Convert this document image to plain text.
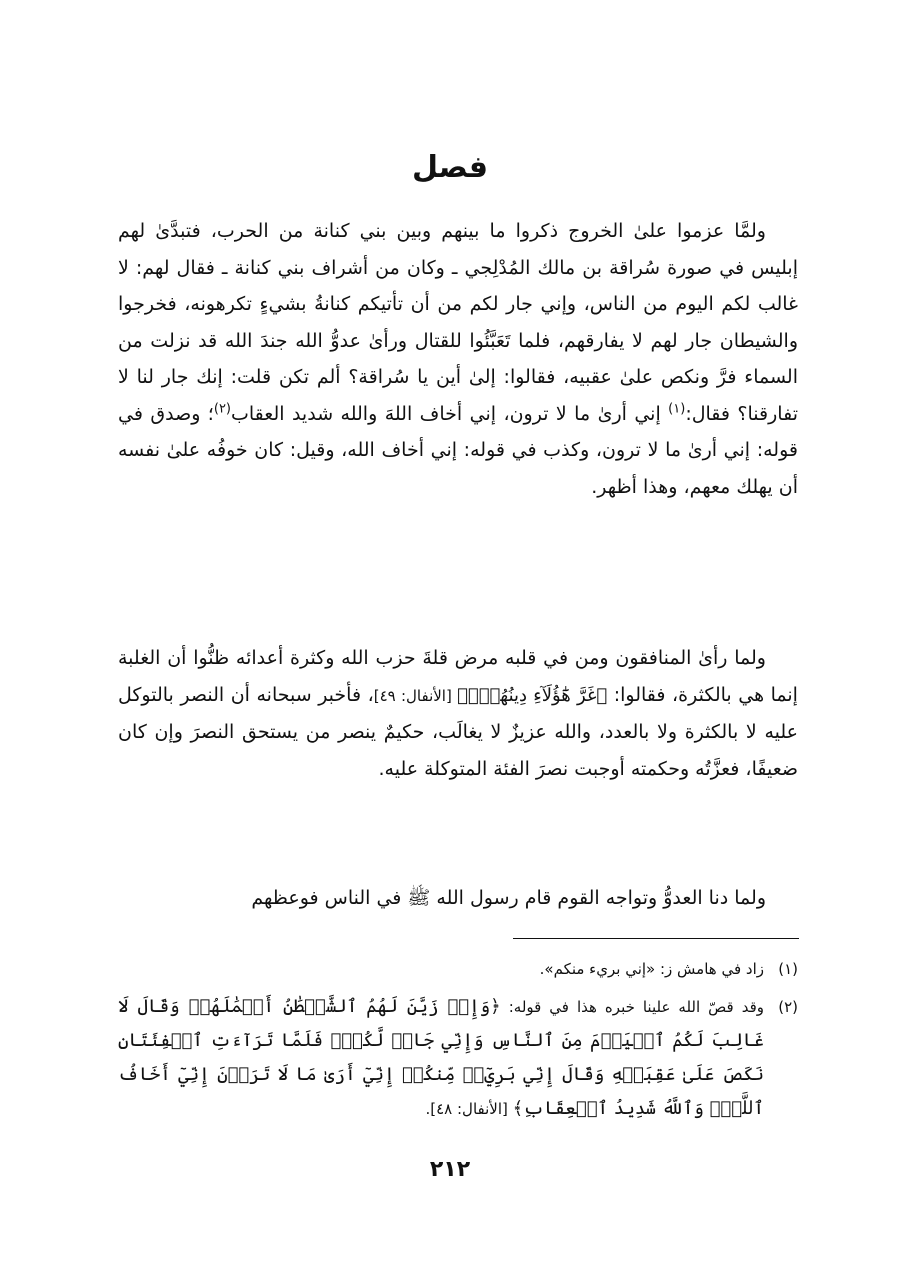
فصل

ولمَّا عزموا علىٰ الخروج ذكروا ما بينهم وبين بني كنانة من الحرب، فتبدَّىٰ لهم إبليس في صورة سُراقة بن مالك المُدْلِجي ـ وكان من أشراف بني كنانة ـ فقال لهم: لا غالب لكم اليوم من الناس، وإني جار لكم من أن تأتيكم كنانةُ بشيءٍ تكرهونه، فخرجوا والشيطان جار لهم لا يفارقهم، فلما تَعَبَّئُوا للقتال ورأىٰ عدوُّ الله جندَ الله قد نزلت من السماء فرَّ ونكص علىٰ عقبيه، فقالوا: إلىٰ أين يا سُراقة؟ ألم تكن قلت: إنك جار لنا لا تفارقنا؟ فقال:$^{(١)}$ إني أرىٰ ما لا ترون، إني أخاف اللهَ والله شديد العقاب$^{(٢)}$؛ وصدق في قوله: إني أرىٰ ما لا ترون، وكذب في قوله: إني أخاف الله، وقيل: كان خوفُه علىٰ نفسه أن يهلك معهم، وهذا أظهر.

ولما رأىٰ المنافقون ومن في قلبه مرض قلةَ حزب الله وكثرة أعدائه ظنُّوا أن الغلبة إنما هي بالكثرة، فقالوا: ﴿غَرَّ هَٰٓؤُلَآءِ دِينُهُمۡۗ﴾ [الأنفال: ٤٩]، فأخبر سبحانه أن النصر بالتوكل عليه لا بالكثرة ولا بالعدد، والله عزيزٌ لا يغالَب، حكيمٌ ينصر من يستحق النصرَ وإن كان ضعيفًا، فعزَّتُه وحكمته أوجبت نصرَ الفئة المتوكلة عليه.

ولما دنا العدوُّ وتواجه القوم قام رسول الله ﷺ في الناس فوعظهم

(١)
زاد في هامش ز: «إني بريء منكم».
(٢)
وقد قصّ الله علينا خبره هذا في قوله: ﴿وَإِذۡ زَيَّنَ لَهُمُ ٱلشَّيۡطَٰنُ أَعۡمَٰلَهُمۡ وَقَالَ لَا غَالِبَ لَكُمُ ٱلۡيَوۡمَ مِنَ ٱلنَّاسِ وَإِنِّي جَارٞ لَّكُمۡۖ فَلَمَّا تَرَآءَتِ ٱلۡفِئَتَانِ نَكَصَ عَلَىٰ عَقِبَيۡهِ وَقَالَ إِنِّي بَرِيٓءٞ مِّنكُمۡ إِنِّيٓ أَرَىٰ مَا لَا تَرَوۡنَ إِنِّيٓ أَخَافُ ٱللَّهَۚ وَٱللَّهُ شَدِيدُ ٱلۡعِقَابِ﴾ [الأنفال: ٤٨].
٢١٢
